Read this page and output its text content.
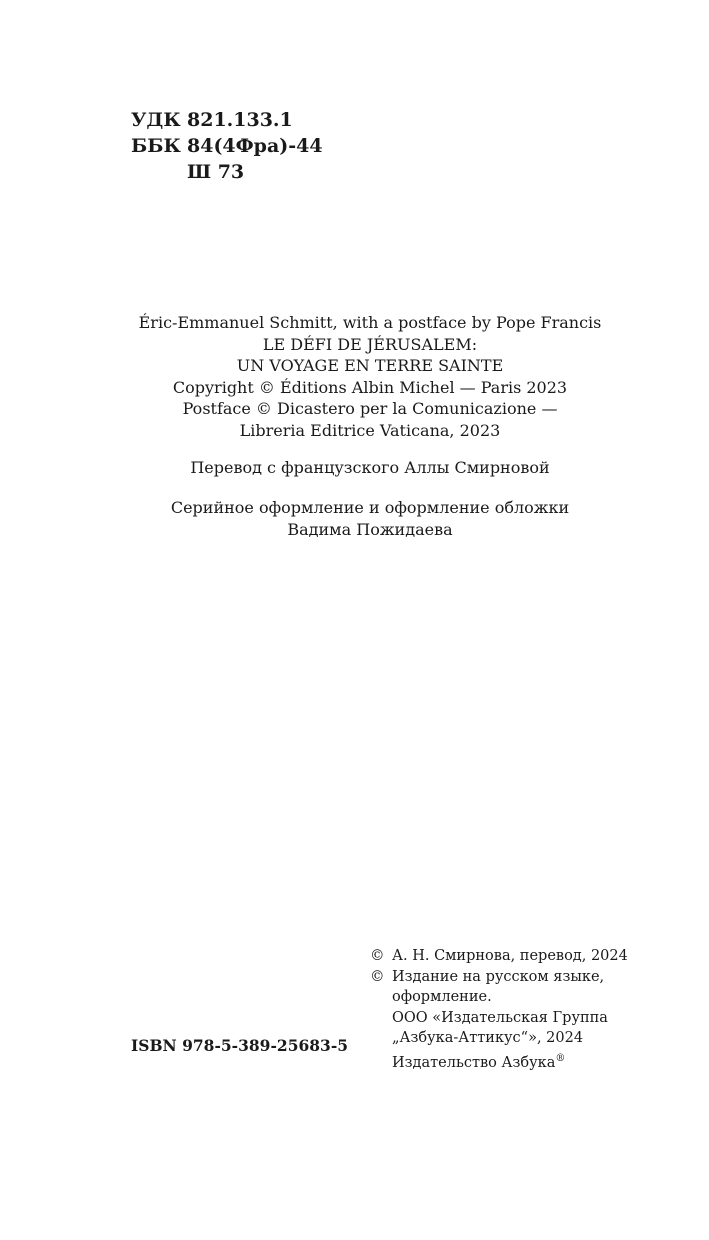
УДК 821.133.1
ББК 84(4Фра)-44
Ш 73
Éric-Emmanuel Schmitt, with a postface by Pope Francis
LE DÉFI DE JÉRUSALEM:
UN VOYAGE EN TERRE SAINTE
Copyright © Éditions Albin Michel — Paris 2023
Postface © Dicastero per la Comunicazione —
Libreria Editrice Vaticana, 2023
Перевод с французского Аллы Смирновой
Серийное оформление и оформление обложки
Вадима Пожидаева
© А. Н. Смирнова, перевод, 2024
© Издание на русском языке,
оформление.
ООО «Издательская Группа
„Азбука-Аттикус“», 2024
Издательство Азбука®
ISBN 978-5-389-25683-5
